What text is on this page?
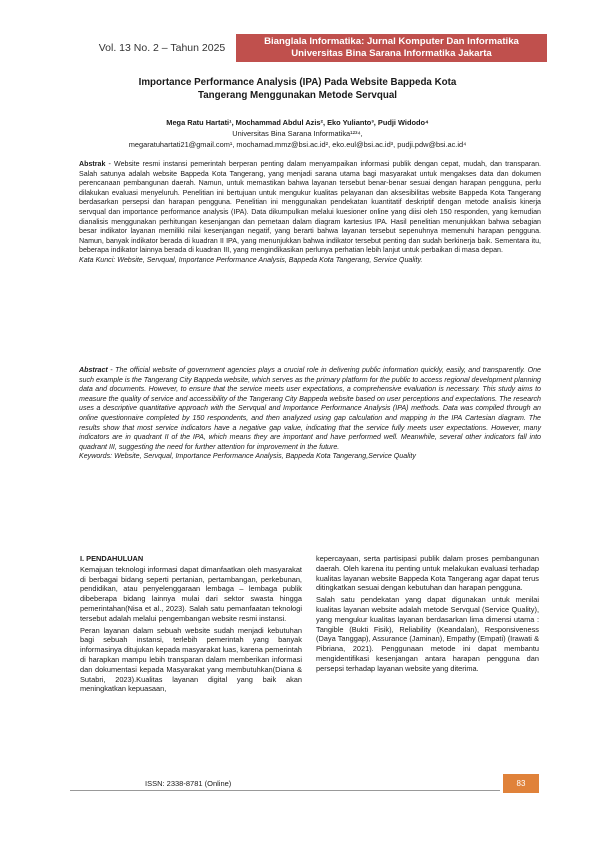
Vol. 13 No. 2 – Tahun 2025
Bianglala Informatika: Jurnal Komputer Dan Informatika
Universitas Bina Sarana Informatika Jakarta
Importance Performance Analysis (IPA) Pada Website Bappeda Kota
Tangerang Menggunakan Metode Servqual
Mega Ratu Hartati¹, Mochammad Abdul Azis², Eko Yulianto³, Pudji Widodo⁴
Universitas Bina Sarana Informatika¹²³⁴,
megaratuhartati21@gmail.com¹, mochamad.mmz@bsi.ac.id², eko.eul@bsi.ac.id³, pudji.pdw@bsi.ac.id⁴
Abstrak - Website resmi instansi pemerintah berperan penting dalam menyampaikan informasi publik dengan cepat, mudah, dan transparan. Salah satunya adalah website Bappeda Kota Tangerang, yang menjadi sarana utama bagi masyarakat untuk mengakses data dan dokumen perencanaan pembangunan daerah. Namun, untuk memastikan bahwa layanan tersebut benar-benar sesuai dengan harapan pengguna, perlu dilakukan evaluasi menyeluruh. Penelitian ini bertujuan untuk mengukur kualitas pelayanan dan aksesibilitas website Bappeda Kota Tangerang berdasarkan persepsi dan harapan pengguna. Penelitian ini menggunakan pendekatan kuantitatif deskriptif dengan metode analisis kinerja servqual dan importance performance analysis (IPA). Data dikumpulkan melalui kuesioner online yang diisi oleh 150 responden, yang kemudian dianalisis menggunakan perhitungan kesenjangan dan pemetaan dalam diagram kartesius IPA. Hasil penelitian menunjukkan bahwa sebagian besar indikator layanan memiliki nilai kesenjangan negatif, yang berarti bahwa layanan tersebut sepenuhnya memenuhi harapan pengguna. Namun, banyak indikator berada di kuadran II IPA, yang menunjukkan bahwa indikator tersebut penting dan sudah berkinerja baik. Sementara itu, beberapa indikator lainnya berada di kuadran III, yang mengindikasikan perlunya perhatian lebih lanjut untuk perbaikan di masa depan.
Kata Kunci: Website, Servqual, Importance Performance Analysis, Bappeda Kota Tangerang, Service Quality.
Abstract - The official website of government agencies plays a crucial role in delivering public information quickly, easily, and transparently. One such example is the Tangerang City Bappeda website, which serves as the primary platform for the public to access regional development planning data and documents. However, to ensure that the service meets user expectations, a comprehensive evaluation is necessary. This study aims to measure the quality of service and accessibility of the Tangerang City Bappeda website based on user perceptions and expectations. The research uses a descriptive quantitative approach with the Servqual and Importance Performance Analysis (IPA) methods. Data was compiled through an online questionnaire completed by 150 respondents, and then analyzed using gap calculation and mapping in the IPA Cartesian diagram. The results show that most service indicators have a negative gap value, indicating that the service fully meets user expectations. However, many indicators are in quadrant II of the IPA, which means they are important and have performed well. Meanwhile, several other indicators fall into quadrant III, suggesting the need for further attention for improvement in the future.
Keywords: Website, Servqual, Importance Performance Analysis, Bappeda Kota Tangerang,Service Quality
I. PENDAHULUAN

Kemajuan teknologi informasi dapat dimanfaatkan oleh masyarakat di berbagai bidang seperti pertanian, pertambangan, perkebunan, pendidikan, atau penyelenggaraan lembaga – lembaga publik dibeberapa bidang lainnya mulai dari sektor swasta hingga pemerintahan(Nisa et al., 2023). Salah satu pemanfaatan teknologi tersebut adalah melalui pengembangan website resmi instansi.

Peran layanan dalam sebuah website sudah menjadi kebutuhan bagi sebuah instansi, terlebih pemerintah yang banyak informasinya ditujukan kepada masyarakat luas, karena pemerintah di harapkan mampu lebih transparan dalam memberikan informasi dan dokumentasi kepada Masyarakat yang membutuhkan(Diana & Sutabri, 2023).Kualitas layanan digital yang baik akan meningkatkan kepuasaan,

kepercayaan, serta partisipasi publik dalam proses pembangunan daerah. Oleh karena itu penting untuk melakukan evaluasi terhadap kualitas layanan website Bappeda Kota Tangerang agar dapat terus ditingkatkan sesuai dengan kebutuhan dan harapan pengguna.

Salah satu pendekatan yang dapat digunakan untuk menilai kualitas layanan website adalah metode Servqual (Service Quality), yang mengukur kualitas layanan berdasarkan lima dimensi utama : Tangible (Bukti Fisik), Reliability (Keandalan), Responsiveness (Daya Tanggap), Assurance (Jaminan), Empathy (Empati) (Irawati & Pibriana, 2021). Penggunaan metode ini dapat membantu mengidentifikasi kesenjangan antara harapan pengguna dan persepsi terhadap layanan website yang diterima.

ISSN: 2338-8781 (Online)	83
